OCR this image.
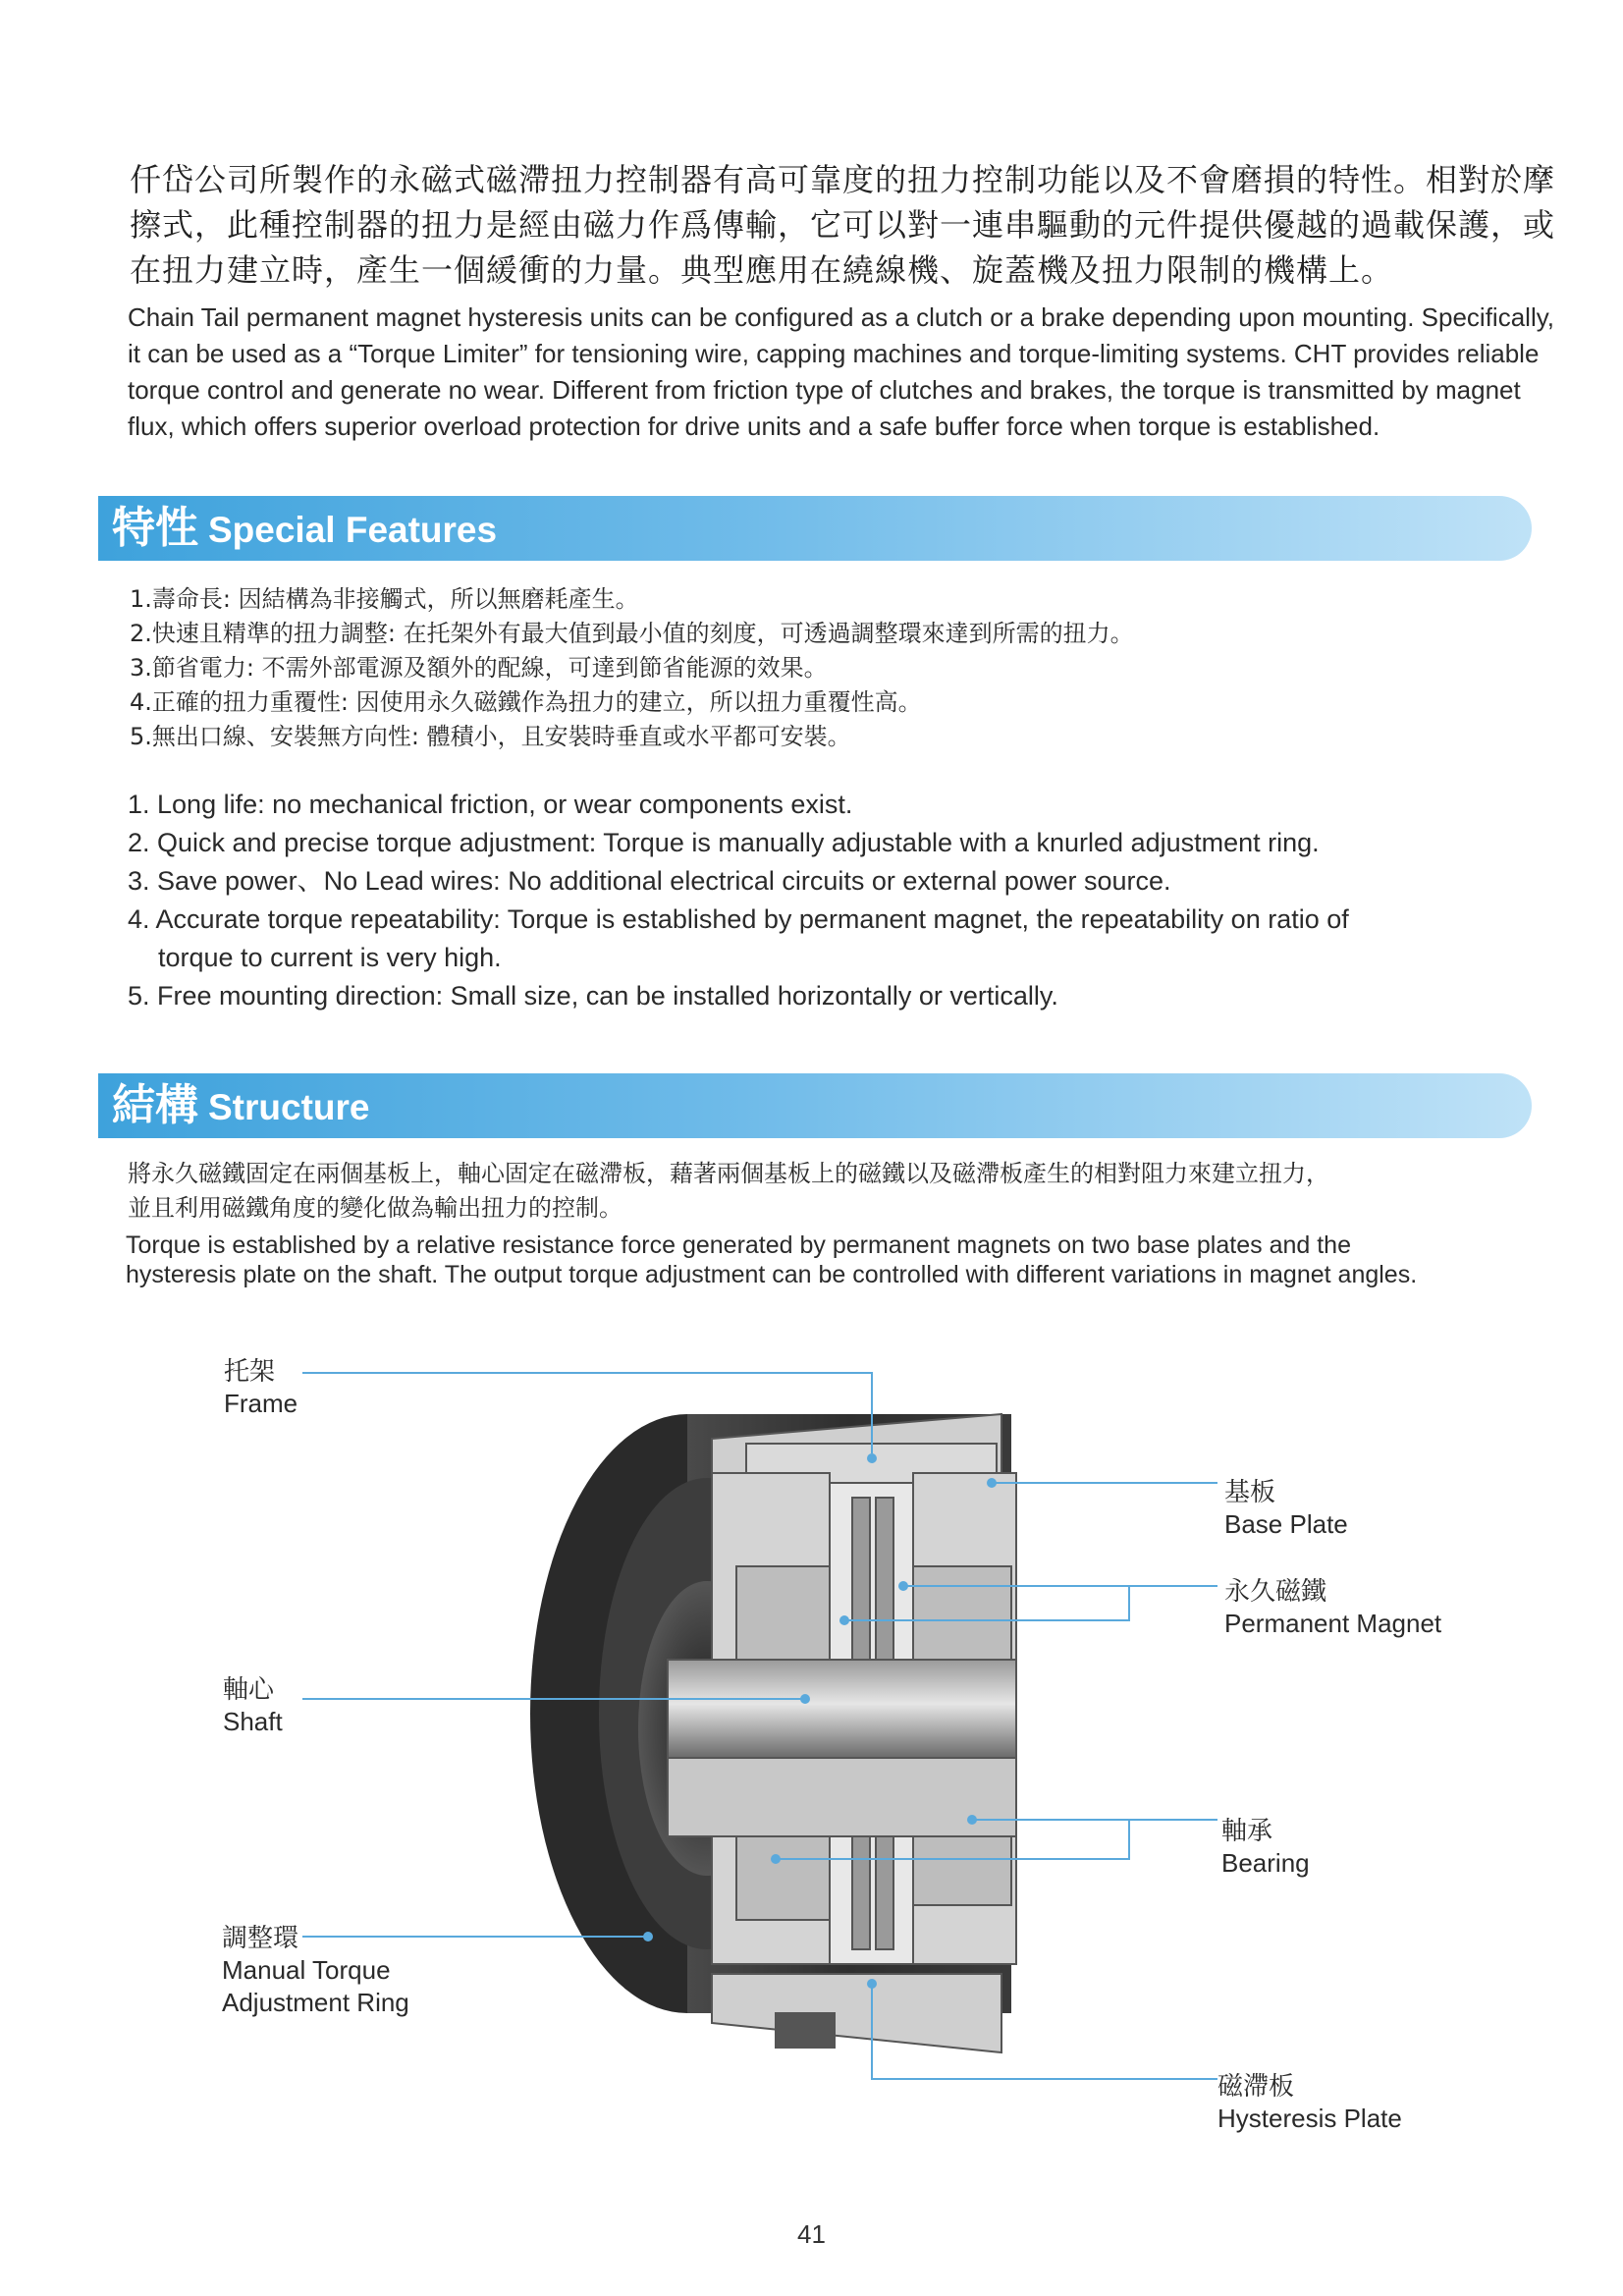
仟岱公司所製作的永磁式磁滯扭力控制器有高可靠度的扭力控制功能以及不會磨損的特性。相對於摩
擦式，此種控制器的扭力是經由磁力作爲傳輸，它可以對一連串驅動的元件提供優越的過載保護，或
在扭力建立時，產生一個緩衝的力量。典型應用在繞線機、旋蓋機及扭力限制的機構上。
Chain Tail permanent magnet hysteresis units can be configured as a clutch or a brake depending upon mounting. Specifically,
it can be used as a “Torque Limiter” for tensioning wire, capping machines and torque-limiting systems. CHT provides reliable
torque control and generate no wear. Different from friction type of clutches and brakes, the torque is transmitted by magnet
flux, which offers superior overload protection for drive units and a safe buffer force when torque is established.
特性 Special Features
1.壽命長: 因結構為非接觸式，所以無磨耗產生。
2.快速且精準的扭力調整: 在托架外有最大值到最小值的刻度，可透過調整環來達到所需的扭力。
3.節省電力: 不需外部電源及額外的配線，可達到節省能源的效果。
4.正確的扭力重覆性: 因使用永久磁鐵作為扭力的建立，所以扭力重覆性高。
5.無出口線、安裝無方向性: 體積小，且安裝時垂直或水平都可安裝。
1. Long life: no mechanical friction, or wear components exist.
2. Quick and precise torque adjustment: Torque is manually adjustable with a knurled adjustment ring.
3. Save power、No Lead wires: No additional electrical circuits or external power source.
4. Accurate torque repeatability: Torque is established by permanent magnet, the repeatability on ratio of
torque to current is very high.
5. Free mounting direction: Small size, can be installed horizontally or vertically.
結構 Structure
將永久磁鐵固定在兩個基板上，軸心固定在磁滯板，藉著兩個基板上的磁鐵以及磁滯板產生的相對阻力來建立扭力，
並且利用磁鐵角度的變化做為輸出扭力的控制。
Torque is established by a relative resistance force generated by permanent magnets on two base plates and the
hysteresis plate on the shaft. The output torque adjustment can be controlled with different variations in magnet angles.
托架
Frame
基板
Base Plate
永久磁鐵
Permanent Magnet
軸心
Shaft
軸承
Bearing
調整環
Manual Torque
Adjustment Ring
磁滯板
Hysteresis Plate
41
